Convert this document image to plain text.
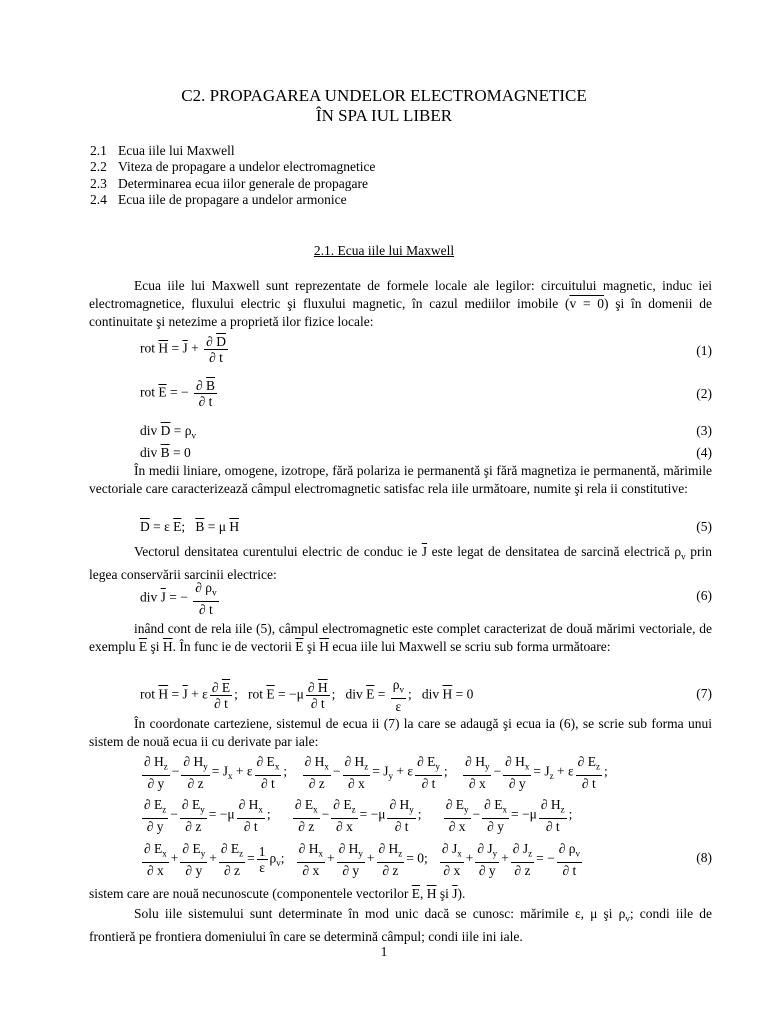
C2. PROPAGAREA UNDELOR ELECTROMAGNETICE
ÎN SPA IUL LIBER
2.1 Ecua iile lui Maxwell
2.2 Viteza de propagare a undelor electromagnetice
2.3 Determinarea ecua iilor generale de propagare
2.4 Ecua iile de propagare a undelor armonice
2.1. Ecua iile lui Maxwell
Ecua iile lui Maxwell sunt reprezentate de formele locale ale legilor: circuitului magnetic, induc iei electromagnetice, fluxului electric şi fluxului magnetic, în cazul mediilor imobile (v = 0) şi în domenii de continuitate şi netezime a proprietă ilor fizice locale:
rot $\overline{H} = \overline{J} + \frac{\partial \overline{D}}{\partial t}$	(1)
rot $\overline{E}$ = − $\frac{\partial \overline{B}}{\partial t}$	(2)
div $\overline{D} = \rho_v$	(3)
div $\overline{B} = 0$	(4)
În medii liniare, omogene, izotrope, fără polariza ie permanentă şi fără magnetiza ie permanentă, mărimile vectoriale care caracterizează câmpul electromagnetic satisfac rela iile următoare, numite şi rela ii constitutive:
$\overline{D} = \varepsilon$ $\overline{E}$;   $\overline{B} = \mu$ $\overline{H}$	(5)
Vectorul densitatea curentului electric de conduc ie $\overline{J}$ este legat de densitatea de sarcină electrică $\rho_v$ prin legea conservării sarcinii electrice:
div $\overline{J}$ = − $\frac{\partial \rho_v}{\partial t}$	(6)
inând cont de rela iile (5), câmpul electromagnetic este complet caracterizat de două mărimi vectoriale, de exemplu $\overline{E}$ şi $\overline{H}$. În func ie de vectorii $\overline{E}$ şi $\overline{H}$ ecua iile lui Maxwell se scriu sub forma următoare:
rot $\overline{H} = \overline{J} + \varepsilon \frac{\partial \overline{E}}{\partial t}$ ;   rot $\overline{E} = -\mu \frac{\partial \overline{H}}{\partial t}$ ;   div $\overline{E} = \frac{\rho_v}{\varepsilon}$ ;   div $\overline{H} = 0$	(7)
În coordonate carteziene, sistemul de ecua ii (7) la care se adaugă şi ecua ia (6), se scrie sub forma unui sistem de nouă ecua ii cu derivate par iale:
$\frac{\partial H_z}{\partial y} - \frac{\partial H_y}{\partial z} = J_x + \varepsilon \frac{\partial E_x}{\partial t}$ ; $\frac{\partial H_x}{\partial z} - \frac{\partial H_z}{\partial x} = J_y + \varepsilon \frac{\partial E_y}{\partial t}$ ; $\frac{\partial H_y}{\partial x} - \frac{\partial H_x}{\partial y} = J_z + \varepsilon \frac{\partial E_z}{\partial t}$ ;
$\frac{\partial E_z}{\partial y} - \frac{\partial E_y}{\partial z} = -\mu \frac{\partial H_x}{\partial t}$ ; $\frac{\partial E_x}{\partial z} - \frac{\partial E_z}{\partial x} = -\mu \frac{\partial H_y}{\partial t}$ ; $\frac{\partial E_y}{\partial x} - \frac{\partial E_x}{\partial y} = -\mu \frac{\partial H_z}{\partial t}$ ;
$\frac{\partial E_x}{\partial x} + \frac{\partial E_y}{\partial y} + \frac{\partial E_z}{\partial z} = \frac{1}{\varepsilon} \rho_v$; $\frac{\partial H_x}{\partial x} + \frac{\partial H_y}{\partial y} + \frac{\partial H_z}{\partial z} = 0$; $\frac{\partial J_x}{\partial x} + \frac{\partial J_y}{\partial y} + \frac{\partial J_z}{\partial z}$ = − $\frac{\partial \rho_v}{\partial t}$	(8)
sistem care are nouă necunoscute (componentele vectorilor $\overline{E}$, $\overline{H}$ şi $\overline{J}$).
Solu iile sistemului sunt determinate în mod unic dacă se cunosc: mărimile ε, μ şi $\rho_v$; condi iile de frontieră pe frontiera domeniului în care se determină câmpul; condi iile ini iale.
1
